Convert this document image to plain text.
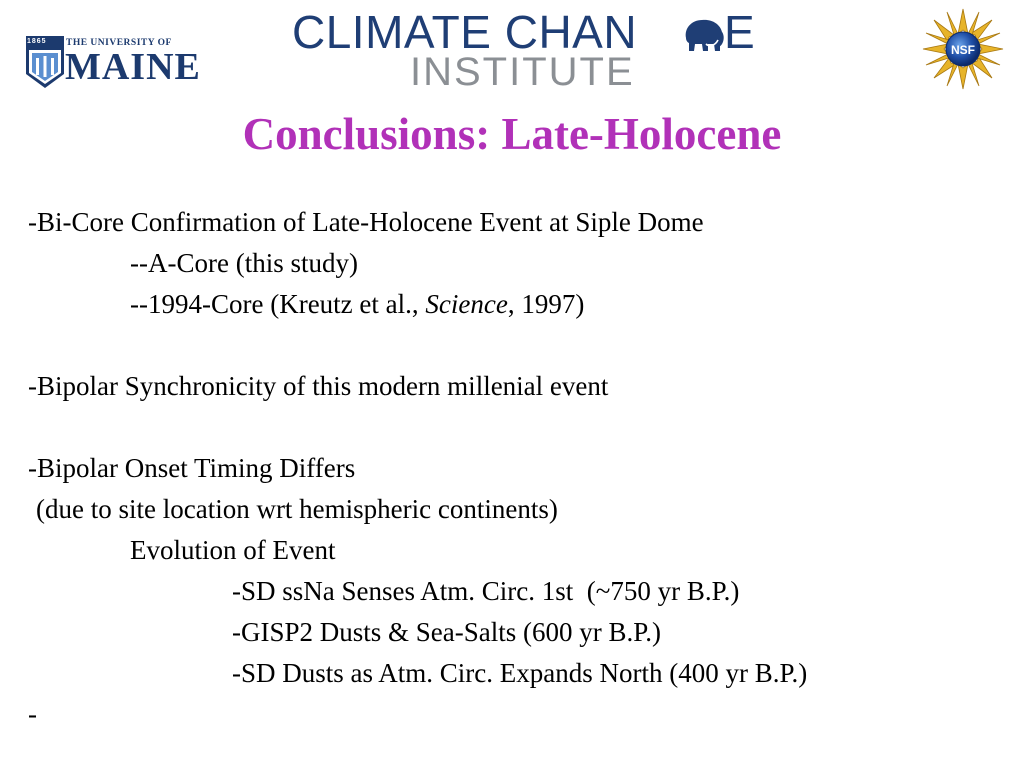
1865 THE UNIVERSITY OF
MAINE
CLIMATE CHAN E
INSTITUTE	NSF
Conclusions: Late-Holocene
-Bi-Core Confirmation of Late-Holocene Event at Siple Dome
--A-Core (this study)
--1994-Core (Kreutz et al., Science, 1997)
-Bipolar Synchronicity of this modern millenial event
-Bipolar Onset Timing Differs
(due to site location wrt hemispheric continents)
Evolution of Event
-SD ssNa Senses Atm. Circ. 1st  (~750 yr B.P.)
-GISP2 Dusts & Sea-Salts (600 yr B.P.)
-SD Dusts as Atm. Circ. Expands North (400 yr B.P.)
-
